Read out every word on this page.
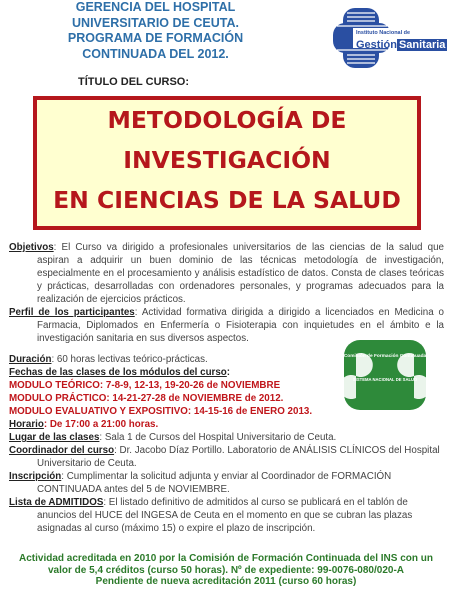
GERENCIA DEL HOSPITAL
UNIVERSITARIO DE CEUTA.
PROGRAMA DE FORMACIÓN
CONTINUADA DEL 2012.
Instituto Nacional de
Gestión Sanitaria
TÍTULO DEL CURSO:
METODOLOGÍA DE
INVESTIGACIÓN
EN CIENCIAS DE LA SALUD
Objetivos: El Curso va dirigido a profesionales universitarios de las ciencias de la salud que aspiran a adquirir un buen dominio de las técnicas metodología de investigación, especialmente en el procesamiento y análisis estadístico de datos. Consta de clases teóricas y prácticas, desarrolladas con ordenadores personales, y programas adecuados para la realización de ejercicios prácticos.
Perfil de los participantes: Actividad formativa dirigida a dirigido a licenciados en Medicina o Farmacia, Diplomados en Enfermería o Fisioterapia con inquietudes en el ámbito e la investigación sanitaria en sus diversos aspectos.
Duración: 60 horas lectivas teórico-prácticas.
Fechas de las clases de los módulos del curso:
MODULO TEÓRICO: 7-8-9, 12-13, 19-20-26 de NOVIEMBRE
MODULO PRÁCTICO: 14-21-27-28 de NOVIEMBRE de 2012.
MODULO EVALUATIVO Y EXPOSITIVO: 14-15-16 de ENERO 2013.
Horario: De 17:00 a 21:00 horas.
Lugar de las clases: Sala 1 de Cursos del Hospital Universitario de Ceuta.
Coordinador del curso: Dr. Jacobo Díaz Portillo. Laboratorio de ANÁLISIS CLÍNICOS del Hospital Universitario de Ceuta.
Inscripción: Cumplimentar la solicitud adjunta y enviar al Coordinador de FORMACIÓN CONTINUADA antes del 5 de NOVIEMBRE.
Lista de ADMITIDOS: El listado definitivo de admitidos al curso se publicará en el tablón de anuncios del HUCE del INGESA de Ceuta en el momento en que se cubran las plazas asignadas al curso (máximo 15) o expire el plazo de inscripción.
Comisión de Formación Continuada
SISTEMA NACIONAL DE SALUD
Actividad acreditada en 2010 por la Comisión de Formación Continuada del INS con un
valor de 5,4 créditos (curso 50 horas). Nº de expediente: 99-0076-080/020-A
Pendiente de nueva acreditación 2011 (curso 60 horas)
